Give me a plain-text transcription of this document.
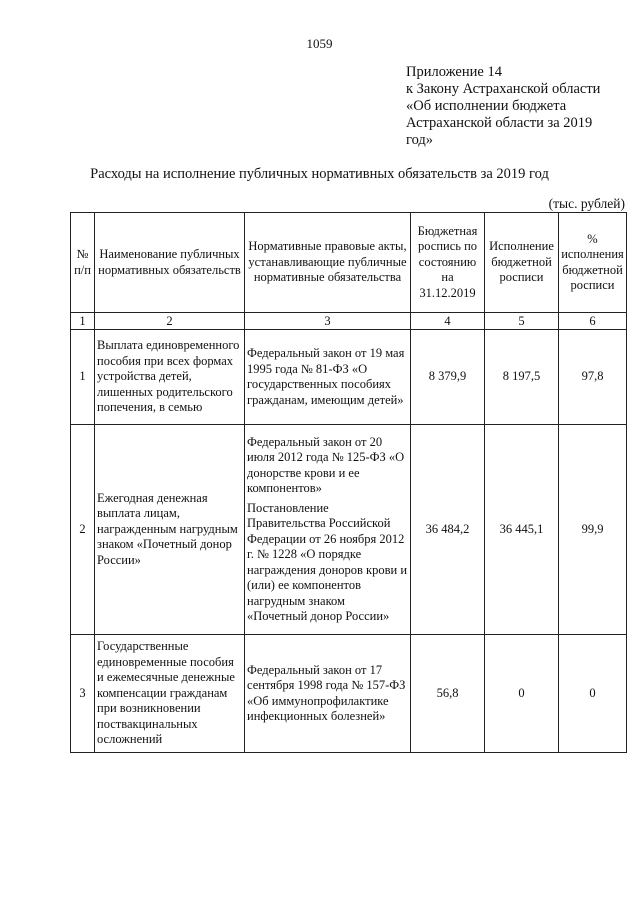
1059
Приложение 14
к Закону Астраханской области
«Об исполнении бюджета
Астраханской области за 2019
год»
Расходы на исполнение публичных нормативных обязательств за 2019 год
(тыс. рублей)
№ п/п	Наименование публичных нормативных обязательств	Нормативные правовые акты, устанавливающие публичные нормативные обязательства	Бюджетная роспись по состоянию на 31.12.2019	Исполнение бюджетной росписи	% исполнения бюджетной росписи
1	2	3	4	5	6
1	Выплата единовременного пособия при всех формах устройства детей, лишенных родительского попечения, в семью	Федеральный закон от 19 мая 1995 года № 81-ФЗ «О государственных пособиях гражданам, имеющим детей»	8 379,9	8 197,5	97,8
2	Ежегодная денежная выплата лицам, награжденным нагрудным знаком «Почетный донор России»	Федеральный закон от 20 июля 2012 года № 125-ФЗ «О донорстве крови и ее компонентов»
Постановление Правительства Российской Федерации от 26 ноября 2012 г. № 1228 «О порядке награждения доноров крови и (или) ее компонентов нагрудным знаком «Почетный донор России»	36 484,2	36 445,1	99,9
3	Государственные единовременные пособия и ежемесячные денежные компенсации гражданам при возникновении поствакцинальных осложнений	Федеральный закон от 17 сентября 1998 года № 157-ФЗ «Об иммунопрофилактике инфекционных болезней»	56,8	0	0
